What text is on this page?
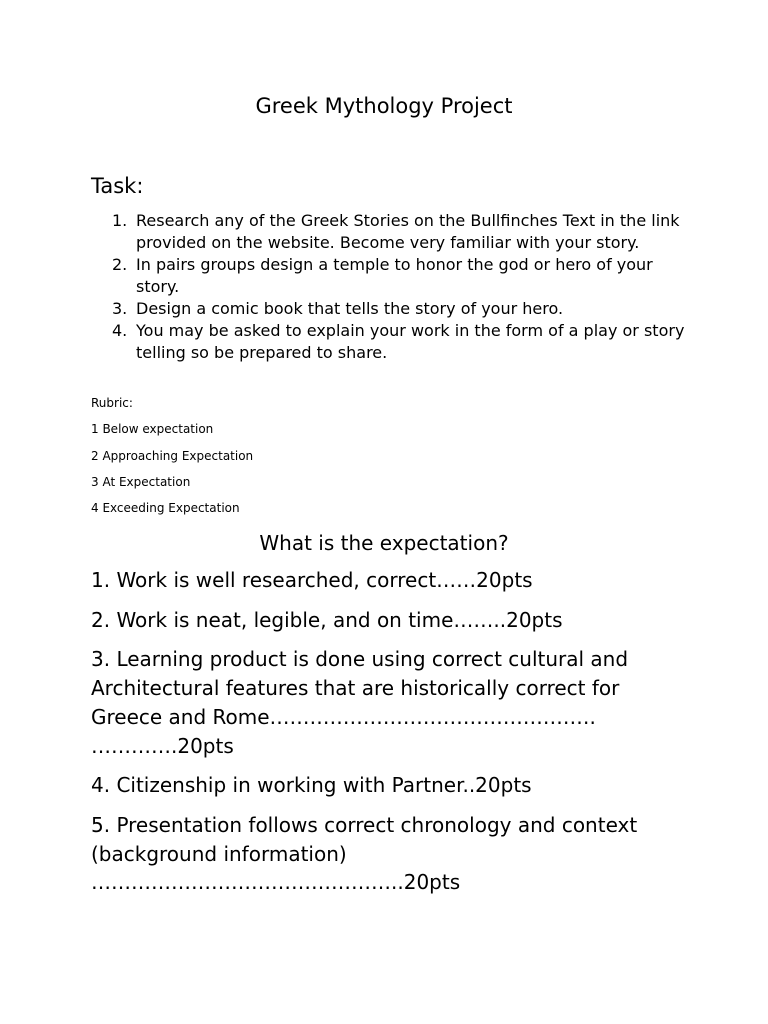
Greek Mythology Project
Task:
1. Research any of the Greek Stories on the Bullfinches Text in the link provided on the website. Become very familiar with your story.
2. In pairs groups design a temple to honor the god or hero of your story.
3. Design a comic book that tells the story of your hero.
4. You may be asked to explain your work in the form of a play or story telling so be prepared to share.
Rubric:
1 Below expectation
2 Approaching Expectation
3 At Expectation
4 Exceeding Expectation
What is the expectation?
1. Work is well researched, correct……20pts
2. Work is neat, legible, and on time……..20pts
3. Learning product is done using correct cultural and Architectural features that are historically correct for Greece and Rome…………………………………………. ………….20pts
4. Citizenship in working with Partner..20pts
5. Presentation follows correct chronology and context (background information) ………………………………………..20pts
